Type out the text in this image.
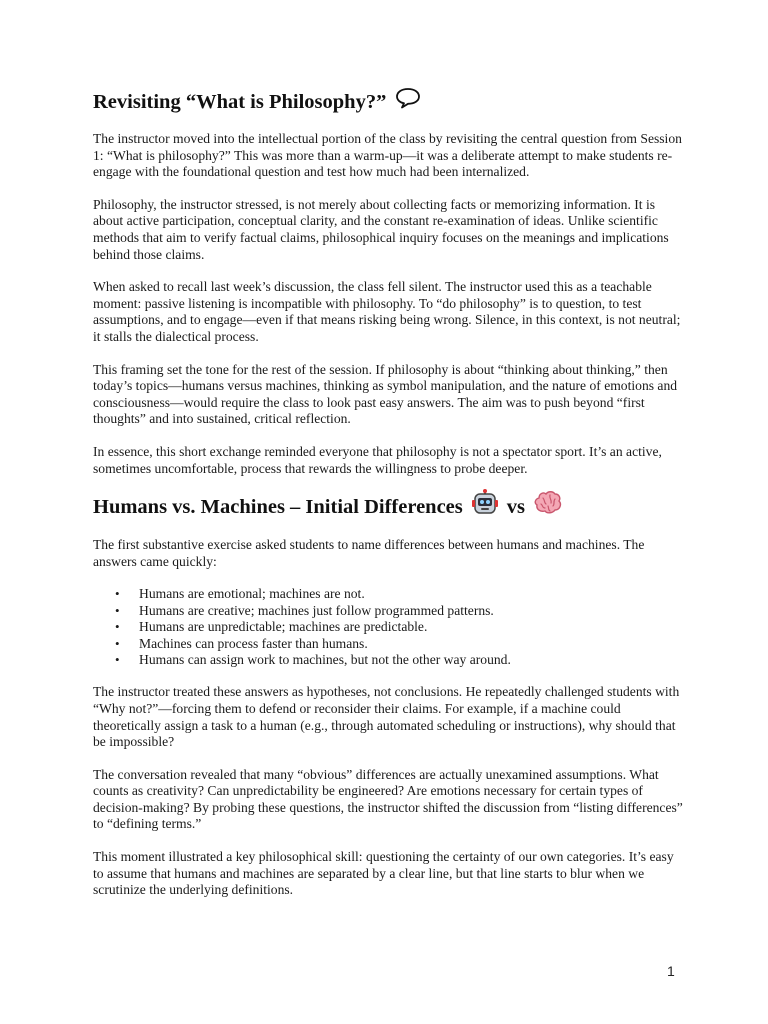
Revisiting “What is Philosophy?”

The instructor moved into the intellectual portion of the class by revisiting the central question from Session 1: “What is philosophy?” This was more than a warm-up—it was a deliberate attempt to make students re-engage with the foundational question and test how much had been internalized.

Philosophy, the instructor stressed, is not merely about collecting facts or memorizing information. It is about active participation, conceptual clarity, and the constant re-examination of ideas. Unlike scientific methods that aim to verify factual claims, philosophical inquiry focuses on the meanings and implications behind those claims.

When asked to recall last week’s discussion, the class fell silent. The instructor used this as a teachable moment: passive listening is incompatible with philosophy. To “do philosophy” is to question, to test assumptions, and to engage—even if that means risking being wrong. Silence, in this context, is not neutral; it stalls the dialectical process.

This framing set the tone for the rest of the session. If philosophy is about “thinking about thinking,” then today’s topics—humans versus machines, thinking as symbol manipulation, and the nature of emotions and consciousness—would require the class to look past easy answers. The aim was to push beyond “first thoughts” and into sustained, critical reflection.

In essence, this short exchange reminded everyone that philosophy is not a spectator sport. It’s an active, sometimes uncomfortable, process that rewards the willingness to probe deeper.

Humans vs. Machines – Initial Differences vs

The first substantive exercise asked students to name differences between humans and machines. The answers came quickly:

• Humans are emotional; machines are not.
• Humans are creative; machines just follow programmed patterns.
• Humans are unpredictable; machines are predictable.
• Machines can process faster than humans.
• Humans can assign work to machines, but not the other way around.

The instructor treated these answers as hypotheses, not conclusions. He repeatedly challenged students with “Why not?”—forcing them to defend or reconsider their claims. For example, if a machine could theoretically assign a task to a human (e.g., through automated scheduling or instructions), why should that be impossible?

The conversation revealed that many “obvious” differences are actually unexamined assumptions. What counts as creativity? Can unpredictability be engineered? Are emotions necessary for certain types of decision-making? By probing these questions, the instructor shifted the discussion from “listing differences” to “defining terms.”

This moment illustrated a key philosophical skill: questioning the certainty of our own categories. It’s easy to assume that humans and machines are separated by a clear line, but that line starts to blur when we scrutinize the underlying definitions.

1
